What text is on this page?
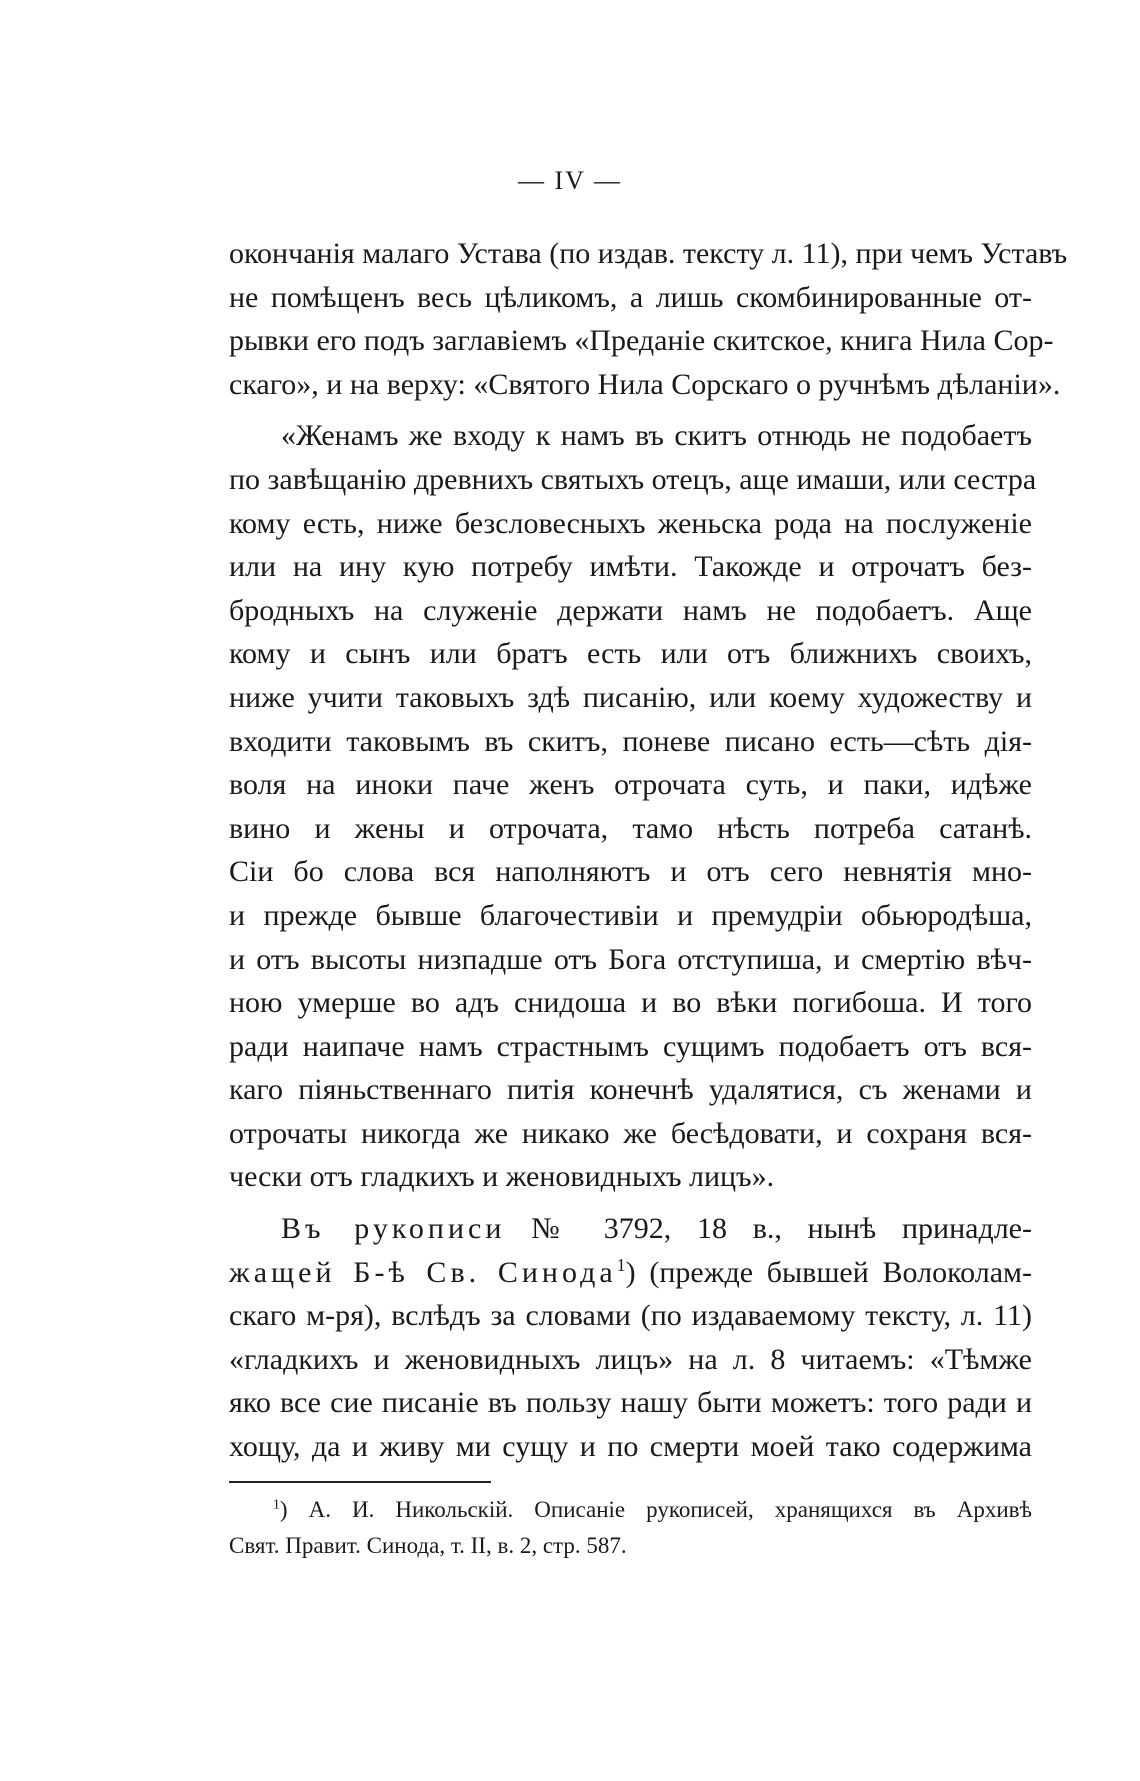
— IV —
окончанія малаго Устава (по издав. тексту л. 11), при чемъ Уставъ
не помѣщенъ весь цѣликомъ, а лишь скомбинированные от-
рывки его подъ заглавіемъ «Преданіе скитское, книга Нила Сор-
скаго», и на верху: «Святого Нила Сорскаго о ручнѣмъ дѣланіи».
«Женамъ же входу к намъ въ скитъ отнюдь не подобаетъ
по завѣщанію древнихъ святыхъ отецъ, аще имаши, или сестра
кому есть, ниже безсловесныхъ женьска рода на послуженіе
или на ину кую потребу имѣти. Такожде и отрочатъ без-
бродныхъ на служеніе держати намъ не подобаетъ. Аще
кому и сынъ или братъ есть или отъ ближнихъ своихъ,
ниже учити таковыхъ здѣ писанію, или коему художеству и
входити таковымъ въ скитъ, поневе писано есть—сѣть дія-
воля на иноки паче женъ отрочата суть, и паки, идѣже
вино и жены и отрочата, тамо нѣсть потреба сатанѣ.
Сіи бо слова вся наполняютъ и отъ сего невнятія мно-
и прежде бывше благочестивіи и премудріи обьюродѣша,
и отъ высоты низпадше отъ Бога отступиша, и смертію вѣч-
ною умерше во адъ снидоша и во вѣки погибоша. И того
ради наипаче намъ страстнымъ сущимъ подобаетъ отъ вся-
каго піяньственнаго питія конечнѣ удалятися, съ женами и
отрочаты никогда же никако же бесѣдовати, и сохраня вся-
чески отъ гладкихъ и женовидныхъ лицъ».
Въ рукописи № 3792, 18 в., нынѣ принадле-
жащей Б-ѣ Св. Синода$^1$) (прежде бывшей Волоколам-
скаго м-ря), вслѣдъ за словами (по издаваемому тексту, л. 11)
«гладкихъ и женовидныхъ лицъ» на л. 8 читаемъ: «Тѣмже
яко все сие писаніе въ пользу нашу быти можетъ: того ради и
хощу, да и живу ми сущу и по смерти моей тако содержима
$^1$) А. И. Никольскій. Описаніе рукописей, хранящихся въ Архивѣ
Свят. Правит. Синода, т. II, в. 2, стр. 587.
